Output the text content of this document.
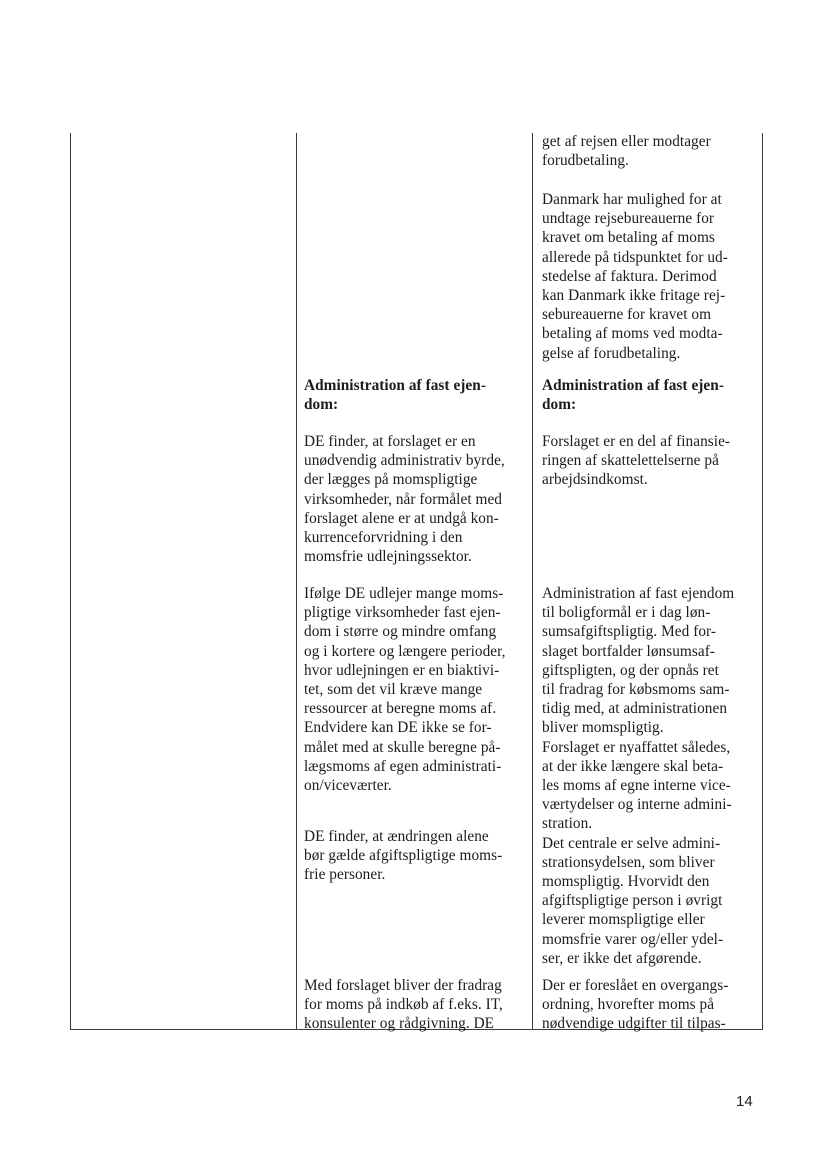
get af rejsen eller modtager
forudbetaling.

Danmark har mulighed for at
undtage rejsebureauerne for
kravet om betaling af moms
allerede på tidspunktet for ud-
stedelse af faktura. Derimod
kan Danmark ikke fritage rej-
sebureauerne for kravet om
betaling af moms ved modta-
gelse af forudbetaling.

Administration af fast ejen-
dom:

Administration af fast ejen-
dom:

DE finder, at forslaget er en
unødvendig administrativ byrde,
der lægges på momspligtige
virksomheder, når formålet med
forslaget alene er at undgå kon-
kurrenceforvridning i den
momsfrie udlejningssektor.

Ifølge DE udlejer mange moms-
pligtige virksomheder fast ejen-
dom i større og mindre omfang
og i kortere og længere perioder,
hvor udlejningen er en biaktivi-
tet, som det vil kræve mange
ressourcer at beregne moms af.
Endvidere kan DE ikke se for-
målet med at skulle beregne på-
lægsmoms af egen administrati-
on/viceværter.

DE finder, at ændringen alene
bør gælde afgiftspligtige moms-
frie personer.

Med forslaget bliver der fradrag
for moms på indkøb af f.eks. IT,
konsulenter og rådgivning. DE

Forslaget er en del af finansie-
ringen af skattelettelserne på
arbejdsindkomst.

Administration af fast ejendom
til boligformål er i dag løn-
sumsafgiftspligtig. Med for-
slaget bortfalder lønsumsaf-
giftspligten, og der opnås ret
til fradrag for købsmoms sam-
tidig med, at administrationen
bliver momspligtig.
Forslaget er nyaffattet således,
at der ikke længere skal beta-
les moms af egne interne vice-
værtydelser og interne admini-
stration.
Det centrale er selve admini-
strationsydelsen, som bliver
momspligtig. Hvorvidt den
afgiftspligtige person i øvrigt
leverer momspligtige eller
momsfrie varer og/eller ydel-
ser, er ikke det afgørende.

Der er foreslået en overgangs-
ordning, hvorefter moms på
nødvendige udgifter til tilpas-

14
